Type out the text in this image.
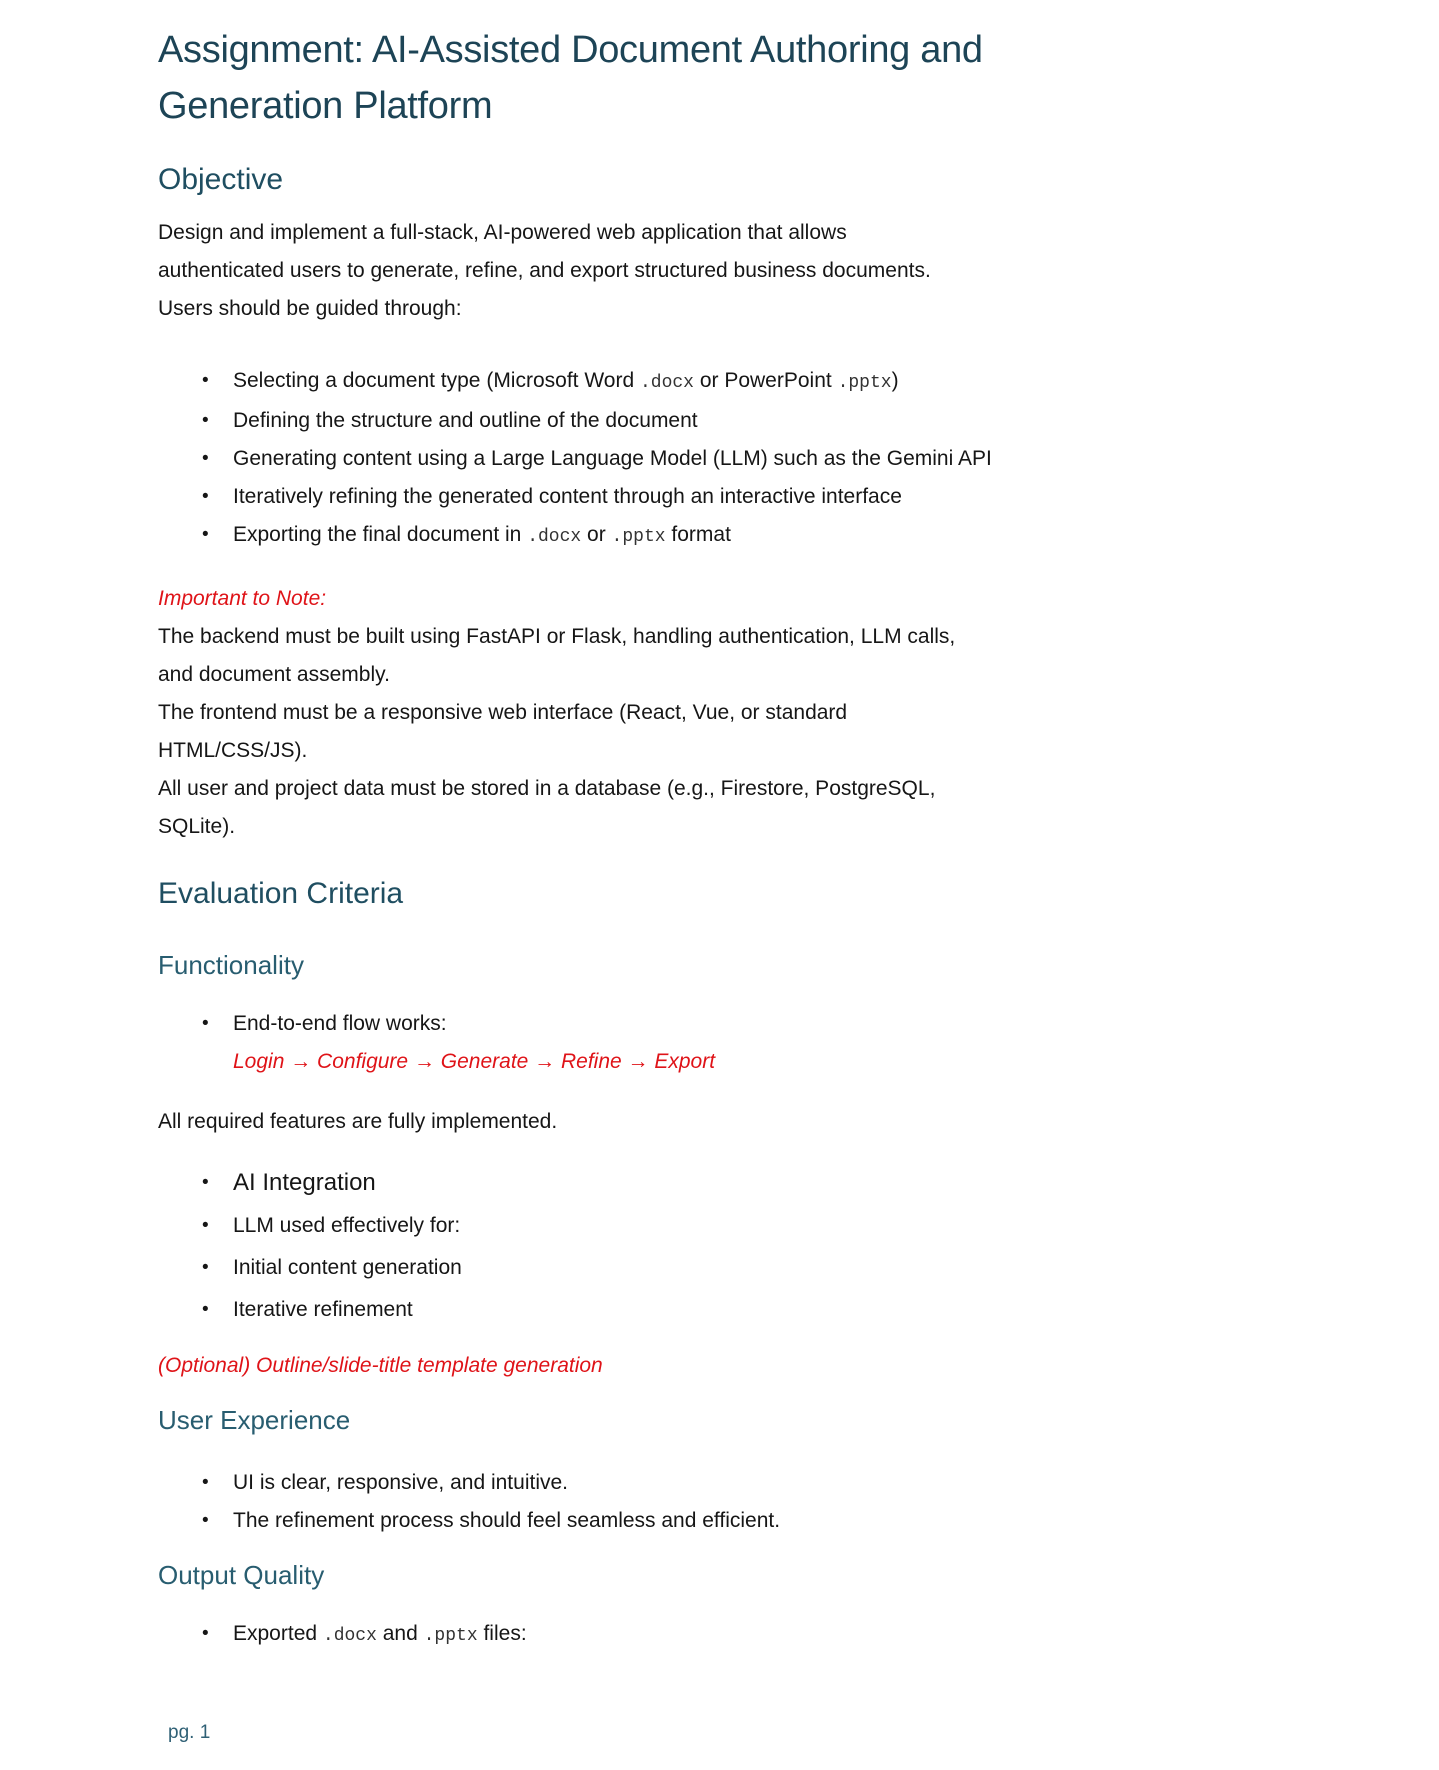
Assignment: AI-Assisted Document Authoring and
Generation Platform
Objective
Design and implement a full-stack, AI-powered web application that allows
authenticated users to generate, refine, and export structured business documents.
Users should be guided through:
•	Selecting a document type (Microsoft Word .docx or PowerPoint .pptx)
•	Defining the structure and outline of the document
•	Generating content using a Large Language Model (LLM) such as the Gemini API
•	Iteratively refining the generated content through an interactive interface
•	Exporting the final document in .docx or .pptx format
Important to Note:
The backend must be built using FastAPI or Flask, handling authentication, LLM calls,
and document assembly.
The frontend must be a responsive web interface (React, Vue, or standard
HTML/CSS/JS).
All user and project data must be stored in a database (e.g., Firestore, PostgreSQL,
SQLite).
Evaluation Criteria
Functionality
•	End-to-end flow works:
Login → Configure → Generate → Refine → Export
All required features are fully implemented.
•	AI Integration
•	LLM used effectively for:
•	Initial content generation
•	Iterative refinement
(Optional) Outline/slide-title template generation
User Experience
•	UI is clear, responsive, and intuitive.
•	The refinement process should feel seamless and efficient.
Output Quality
•	Exported .docx and .pptx files:
pg. 1
